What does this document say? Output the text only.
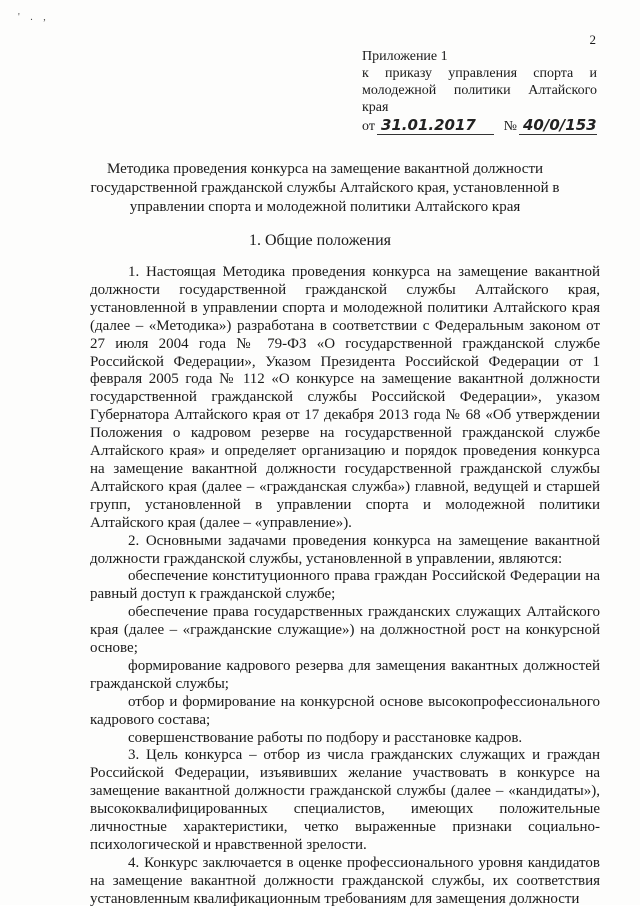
' . ,
2
Приложение 1
к приказу управления спорта и
молодежной политики Алтайского
края
от 31.01.2017	№ 40/0/153
Методика проведения конкурса на замещение вакантной должности государственной гражданской службы Алтайского края, установленной в управлении спорта и молодежной политики Алтайского края
1. Общие положения

1. Настоящая Методика проведения конкурса на замещение вакантной должности государственной гражданской службы Алтайского края, установленной в управлении спорта и молодежной политики Алтайского края (далее – «Методика») разработана в соответствии с Федеральным законом от 27 июля 2004 года № 79-ФЗ «О государственной гражданской службе Российской Федерации», Указом Президента Российской Федерации от 1 февраля 2005 года № 112 «О конкурсе на замещение вакантной должности государственной гражданской службы Российской Федерации», указом Губернатора Алтайского края от 17 декабря 2013 года № 68 «Об утверждении Положения о кадровом резерве на государственной гражданской службе Алтайского края» и определяет организацию и порядок проведения конкурса на замещение вакантной должности государственной гражданской службы Алтайского края (далее – «гражданская служба») главной, ведущей и старшей групп, установленной в управлении спорта и молодежной политики Алтайского края (далее – «управление»).

2. Основными задачами проведения конкурса на замещение вакантной должности гражданской службы, установленной в управлении, являются:

обеспечение конституционного права граждан Российской Федерации на равный доступ к гражданской службе;

обеспечение права государственных гражданских служащих Алтайского края (далее – «гражданские служащие») на должностной рост на конкурсной основе;

формирование кадрового резерва для замещения вакантных должностей гражданской службы;

отбор и формирование на конкурсной основе высокопрофессионального кадрового состава;

совершенствование работы по подбору и расстановке кадров.

3. Цель конкурса – отбор из числа гражданских служащих и граждан Российской Федерации, изъявивших желание участвовать в конкурсе на замещение вакантной должности гражданской службы (далее – «кандидаты»), высококвалифицированных специалистов, имеющих положительные личностные характеристики, четко выраженные признаки социально-психологической и нравственной зрелости.

4. Конкурс заключается в оценке профессионального уровня кандидатов на замещение вакантной должности гражданской службы, их соответствия установленным квалификационным требованиям для замещения должности
